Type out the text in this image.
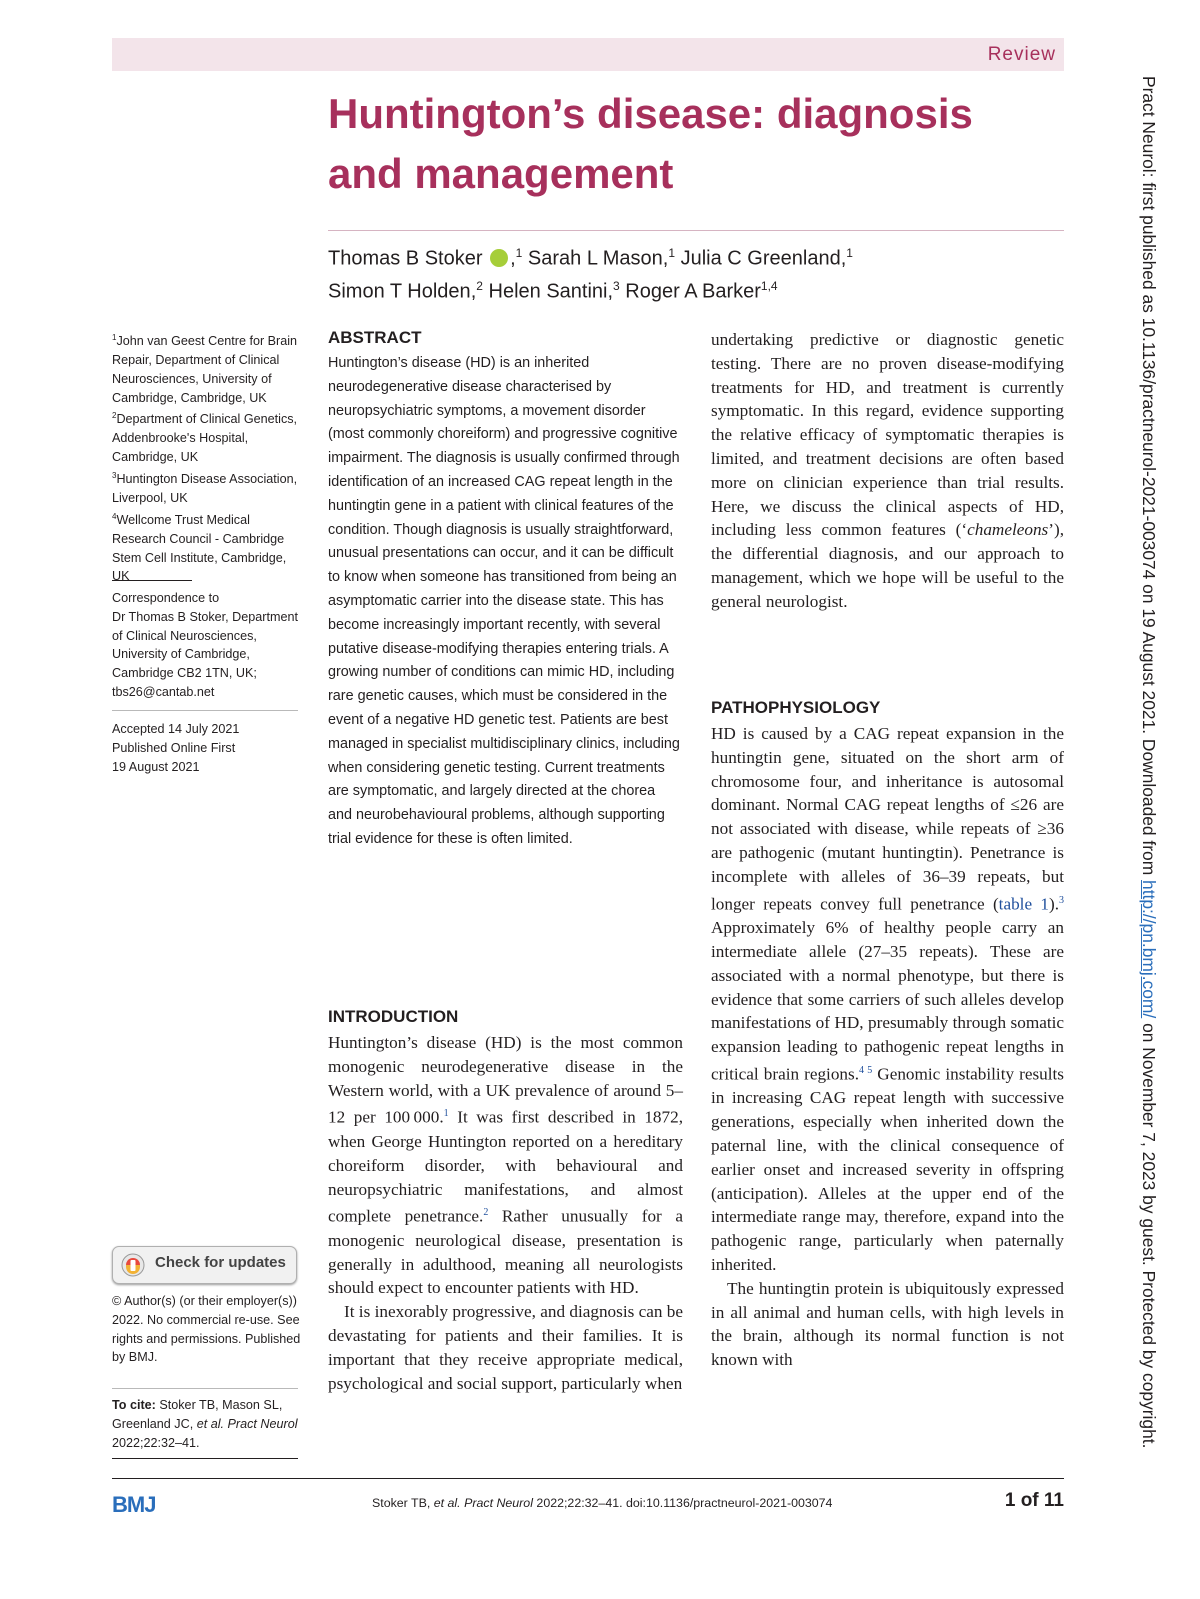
Review
Huntington’s disease: diagnosis and management
Thomas B Stoker ,$^1$ Sarah L Mason,$^1$ Julia C Greenland,$^1$
Simon T Holden,$^2$ Helen Santini,$^3$ Roger A Barker$^{1,4}$
$^1$John van Geest Centre for Brain Repair, Department of Clinical Neurosciences, University of Cambridge, Cambridge, UK
$^2$Department of Clinical Genetics, Addenbrooke's Hospital, Cambridge, UK
$^3$Huntington Disease Association, Liverpool, UK
$^4$Wellcome Trust Medical Research Council - Cambridge Stem Cell Institute, Cambridge, UK
Correspondence to
Dr Thomas B Stoker, Department of Clinical Neurosciences, University of Cambridge, Cambridge CB2 1TN, UK; tbs26@cantab.net
Accepted 14 July 2021
Published Online First
19 August 2021
Check for updates
© Author(s) (or their employer(s)) 2022. No commercial re-use. See rights and permissions. Published by BMJ.
To cite: Stoker TB, Mason SL, Greenland JC, et al. Pract Neurol 2022;22:32–41.
ABSTRACT

Huntington’s disease (HD) is an inherited neurodegenerative disease characterised by neuropsychiatric symptoms, a movement disorder (most commonly choreiform) and progressive cognitive impairment. The diagnosis is usually confirmed through identification of an increased CAG repeat length in the huntingtin gene in a patient with clinical features of the condition. Though diagnosis is usually straightforward, unusual presentations can occur, and it can be difficult to know when someone has transitioned from being an asymptomatic carrier into the disease state. This has become increasingly important recently, with several putative disease-modifying therapies entering trials. A growing number of conditions can mimic HD, including rare genetic causes, which must be considered in the event of a negative HD genetic test. Patients are best managed in specialist multidisciplinary clinics, including when considering genetic testing. Current treatments are symptomatic, and largely directed at the chorea and neurobehavioural problems, although supporting trial evidence for these is often limited.

INTRODUCTION

Huntington’s disease (HD) is the most common monogenic neurodegenerative disease in the Western world, with a UK prevalence of around 5–12 per 100 000.$^1$ It was first described in 1872, when George Huntington reported on a hereditary choreiform disorder, with behavioural and neuropsychiatric manifestations, and almost complete penetrance.$^2$ Rather unusually for a monogenic neurological disease, presentation is generally in adulthood, meaning all neurologists should expect to encounter patients with HD.
It is inexorably progressive, and diagnosis can be devastating for patients and their families. It is important that they receive appropriate medical, psychological and social support, particularly when

undertaking predictive or diagnostic genetic testing. There are no proven disease-modifying treatments for HD, and treatment is currently symptomatic. In this regard, evidence supporting the relative efficacy of symptomatic therapies is limited, and treatment decisions are often based more on clinician experience than trial results. Here, we discuss the clinical aspects of HD, including less common features (‘chameleons’), the differential diagnosis, and our approach to management, which we hope will be useful to the general neurologist.

PATHOPHYSIOLOGY

HD is caused by a CAG repeat expansion in the huntingtin gene, situated on the short arm of chromosome four, and inheritance is autosomal dominant. Normal CAG repeat lengths of ≤26 are not associated with disease, while repeats of ≥36 are pathogenic (mutant huntingtin). Penetrance is incomplete with alleles of 36–39 repeats, but longer repeats convey full penetrance (table 1).$^3$ Approximately 6% of healthy people carry an intermediate allele (27–35 repeats). These are associated with a normal phenotype, but there is evidence that some carriers of such alleles develop manifestations of HD, presumably through somatic expansion leading to pathogenic repeat lengths in critical brain regions.$^{4 5}$ Genomic instability results in increasing CAG repeat length with successive generations, especially when inherited down the paternal line, with the clinical consequence of earlier onset and increased severity in offspring (anticipation). Alleles at the upper end of the intermediate range may, therefore, expand into the pathogenic range, particularly when paternally inherited.
The huntingtin protein is ubiquitously expressed in all animal and human cells, with high levels in the brain, although its normal function is not known with

BMJ	Stoker TB, et al. Pract Neurol 2022;22:32–41. doi:10.1136/practneurol-2021-003074	1 of 11
Pract Neurol: first published as 10.1136/practneurol-2021-003074 on 19 August 2021. Downloaded from http://pn.bmj.com/ on November 7, 2023 by guest. Protected by copyright.
